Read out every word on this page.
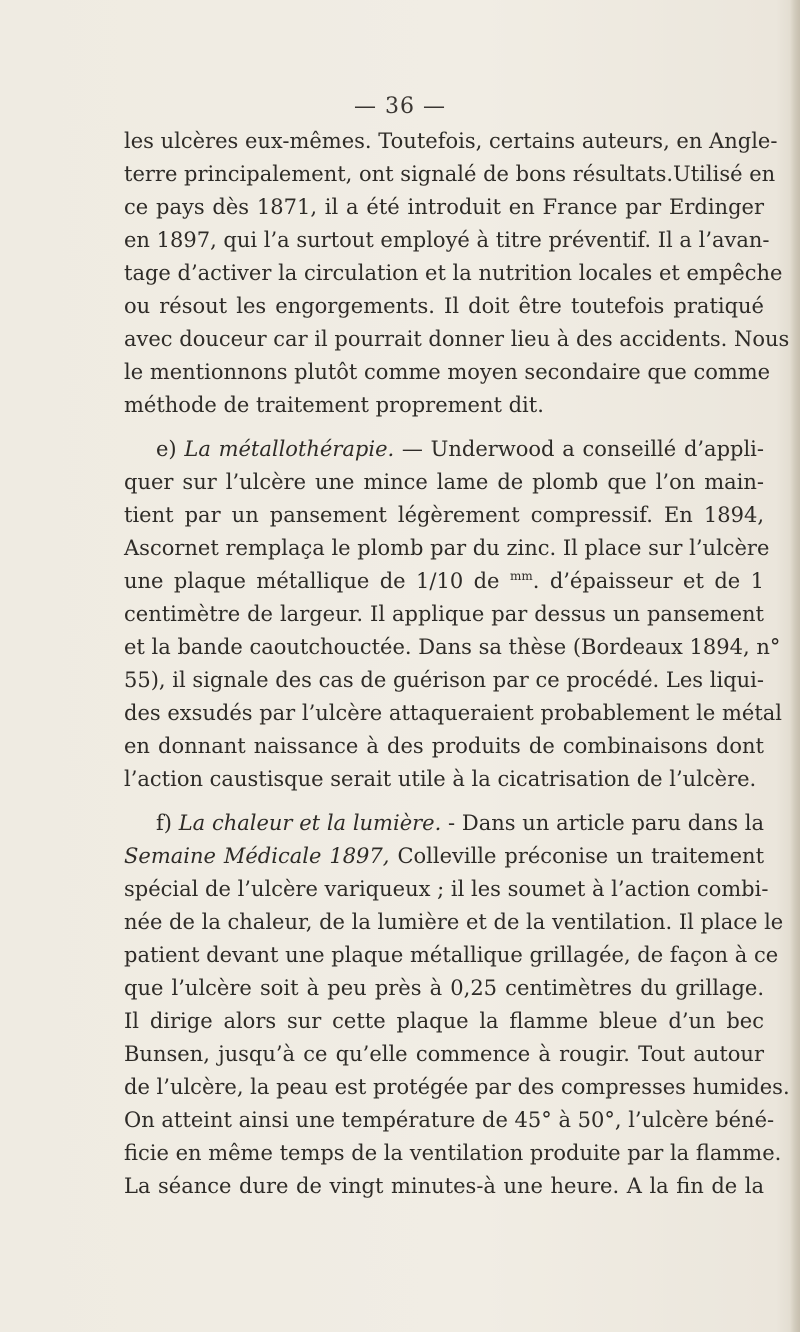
— 36 —
les ulcères eux-mêmes. Toutefois, certains auteurs, en Angle-
terre principalement, ont signalé de bons résultats.Utilisé en
ce pays dès 1871, il a été introduit en France par Erdinger
en 1897, qui l’a surtout employé à titre préventif. Il a l’avan-
tage d’activer la circulation et la nutrition locales et empêche
ou résout les engorgements. Il doit être toutefois pratiqué
avec douceur car il pourrait donner lieu à des accidents. Nous
le mentionnons plutôt comme moyen secondaire que comme
méthode de traitement proprement dit.
e) La métallothérapie. — Underwood a conseillé d’appli-
quer sur l’ulcère une mince lame de plomb que l’on main-
tient par un pansement légèrement compressif. En 1894,
Ascornet remplaça le plomb par du zinc. Il place sur l’ulcère
une plaque métallique de 1/10 de $^{mm}$. d’épaisseur et de 1
centimètre de largeur. Il applique par dessus un pansement
et la bande caoutchouctée. Dans sa thèse (Bordeaux 1894, n°
55), il signale des cas de guérison par ce procédé. Les liqui-
des exsudés par l’ulcère attaqueraient probablement le métal
en donnant naissance à des produits de combinaisons dont
l’action caustisque serait utile à la cicatrisation de l’ulcère.
f) La chaleur et la lumière. - Dans un article paru dans la
Semaine Médicale 1897, Colleville préconise un traitement
spécial de l’ulcère variqueux ; il les soumet à l’action combi-
née de la chaleur, de la lumière et de la ventilation. Il place le
patient devant une plaque métallique grillagée, de façon à ce
que l’ulcère soit à peu près à 0,25 centimètres du grillage.
Il dirige alors sur cette plaque la flamme bleue d’un bec
Bunsen, jusqu’à ce qu’elle commence à rougir. Tout autour
de l’ulcère, la peau est protégée par des compresses humides.
On atteint ainsi une température de 45° à 50°, l’ulcère béné-
ficie en même temps de la ventilation produite par la flamme.
La séance dure de vingt minutes-à une heure. A la fin de la
